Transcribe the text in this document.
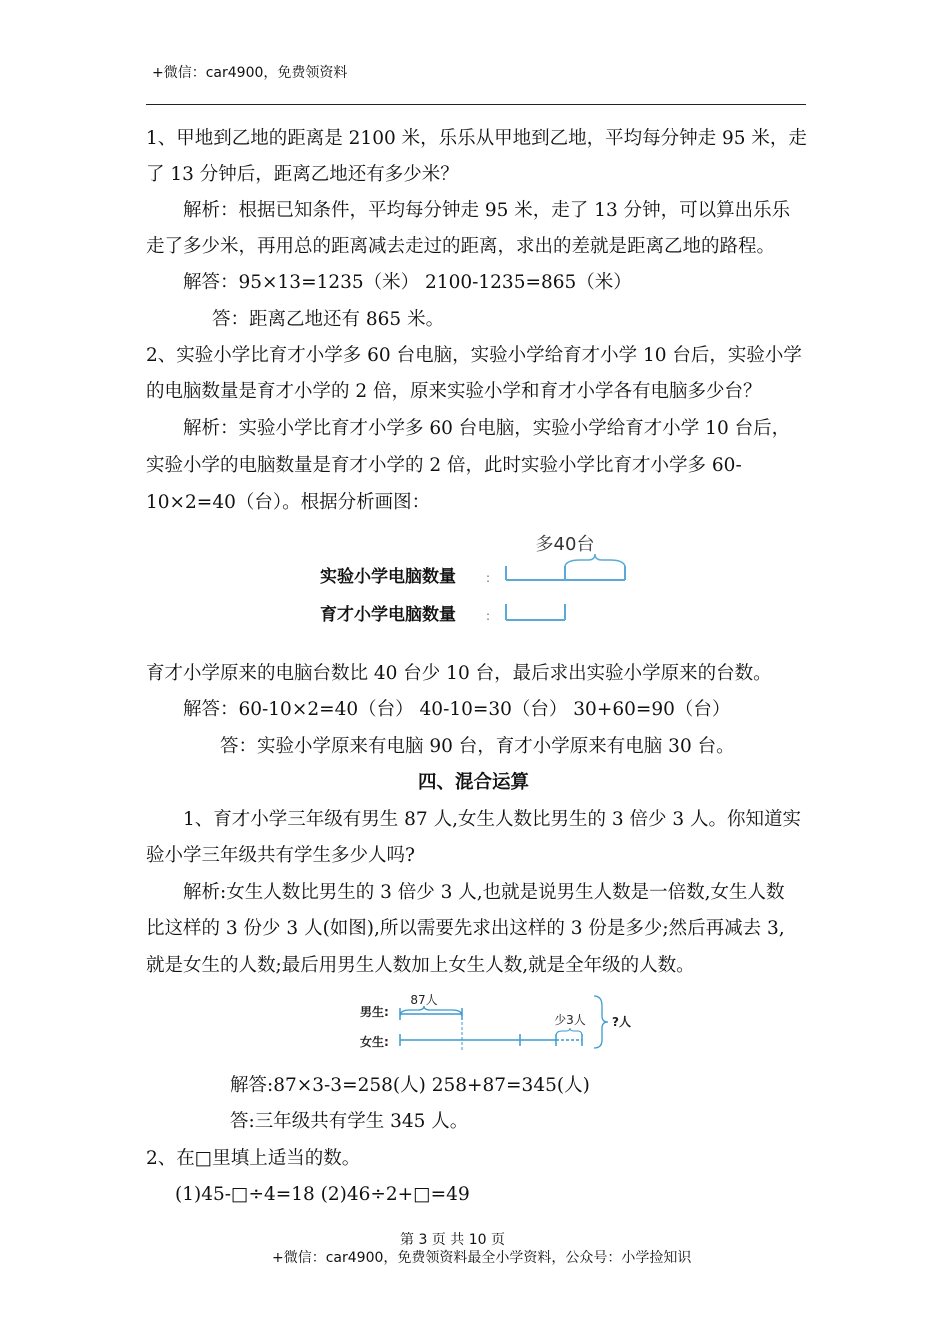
+微信：car4900，免费领资料
1、甲地到乙地的距离是 2100 米，乐乐从甲地到乙地，平均每分钟走 95 米，走
了 13 分钟后，距离乙地还有多少米？
解析：根据已知条件，平均每分钟走 95 米，走了 13 分钟，可以算出乐乐
走了多少米，再用总的距离减去走过的距离，求出的差就是距离乙地的路程。
解答：95×13=1235（米） 2100-1235=865（米）
答：距离乙地还有 865 米。
2、实验小学比育才小学多 60 台电脑，实验小学给育才小学 10 台后，实验小学
的电脑数量是育才小学的 2 倍，原来实验小学和育才小学各有电脑多少台？
解析：实验小学比育才小学多 60 台电脑，实验小学给育才小学 10 台后，
实验小学的电脑数量是育才小学的 2 倍，此时实验小学比育才小学多 60-
10×2=40（台）。根据分析画图：
多40台
实验小学电脑数量	:
育才小学电脑数量	:
育才小学原来的电脑台数比 40 台少 10 台，最后求出实验小学原来的台数。
解答：60-10×2=40（台） 40-10=30（台） 30+60=90（台）
答：实验小学原来有电脑 90 台，育才小学原来有电脑 30 台。
四、混合运算
1、育才小学三年级有男生 87 人,女生人数比男生的 3 倍少 3 人。你知道实
验小学三年级共有学生多少人吗?
解析:女生人数比男生的 3 倍少 3 人,也就是说男生人数是一倍数,女生人数
比这样的 3 份少 3 人(如图),所以需要先求出这样的 3 份是多少;然后再减去 3,
就是女生的人数;最后用男生人数加上女生人数,就是全年级的人数。
男生:
女生:
87人
少3人 ?人
解答:87×3-3=258(人) 258+87=345(人)
答:三年级共有学生 345 人。
2、在□里填上适当的数。
(1)45-□÷4=18 (2)46÷2+□=49
第 3 页 共 10 页
+微信：car4900，免费领资料最全小学资料，公众号：小学捡知识
